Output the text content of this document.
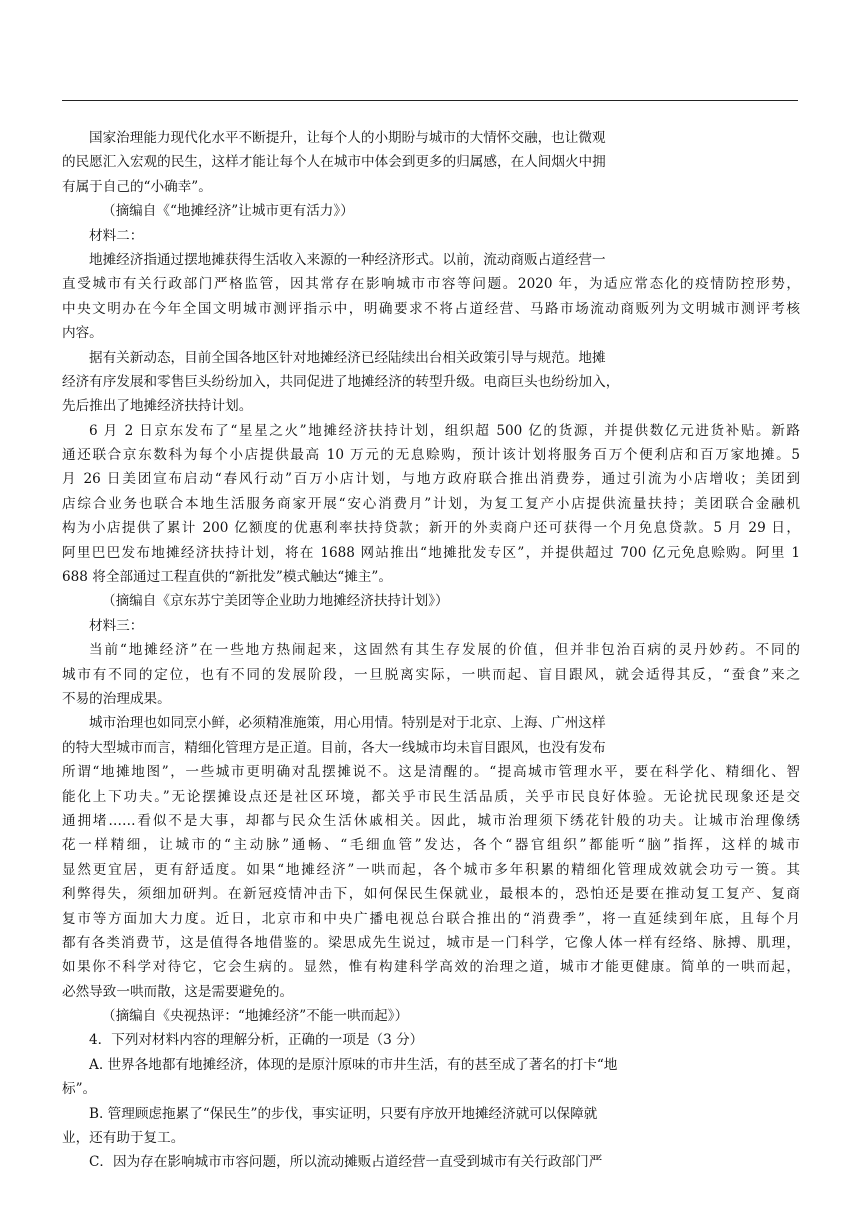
国家治理能力现代化水平不断提升，让每个人的小期盼与城市的大情怀交融，也让微观
的民愿汇入宏观的民生，这样才能让每个人在城市中体会到更多的归属感，在人间烟火中拥
有属于自己的“小确幸”。
（摘编自《“地摊经济”让城市更有活力》）
材料二：
地摊经济指通过摆地摊获得生活收入来源的一种经济形式。以前，流动商贩占道经营一
直受城市有关行政部门严格监管，因其常存在影响城市市容等问题。2020 年，为适应常态化的疫情防控形势，
中央文明办在今年全国文明城市测评指示中，明确要求不将占道经营、马路市场流动商贩列为文明城市测评考核
内容。
据有关新动态，目前全国各地区针对地摊经济已经陆续出台相关政策引导与规范。地摊
经济有序发展和零售巨头纷纷加入，共同促进了地摊经济的转型升级。电商巨头也纷纷加入，
先后推出了地摊经济扶持计划。
6 月 2 日京东发布了“星星之火”地摊经济扶持计划，组织超 500 亿的货源，并提供数亿元进货补贴。新路
通还联合京东数科为每个小店提供最高 10 万元的无息赊购，预计该计划将服务百万个便利店和百万家地摊。5
月 26 日美团宣布启动“春风行动”百万小店计划，与地方政府联合推出消费券，通过引流为小店增收；美团到
店综合业务也联合本地生活服务商家开展“安心消费月”计划，为复工复产小店提供流量扶持；美团联合金融机
构为小店提供了累计 200 亿额度的优惠利率扶持贷款；新开的外卖商户还可获得一个月免息贷款。5 月 29 日，
阿里巴巴发布地摊经济扶持计划，将在 1688 网站推出“地摊批发专区”，并提供超过 700 亿元免息赊购。阿里 1
688 将全部通过工程直供的“新批发”模式触达“摊主”。
（摘编自《京东苏宁美团等企业助力地摊经济扶持计划》）
材料三：
当前“地摊经济”在一些地方热闹起来，这固然有其生存发展的价值，但并非包治百病的灵丹妙药。不同的
城市有不同的定位，也有不同的发展阶段，一旦脱离实际，一哄而起、盲目跟风，就会适得其反，“蚕食”来之
不易的治理成果。
城市治理也如同烹小鲜，必须精准施策，用心用情。特别是对于北京、上海、广州这样
的特大型城市而言，精细化管理方是正道。目前，各大一线城市均未盲目跟风，也没有发布
所谓“地摊地图”，一些城市更明确对乱摆摊说不。这是清醒的。“提高城市管理水平，要在科学化、精细化、智
能化上下功夫。”无论摆摊设点还是社区环境，都关乎市民生活品质，关乎市民良好体验。无论扰民现象还是交
通拥堵……看似不是大事，却都与民众生活休戚相关。因此，城市治理须下绣花针般的功夫。让城市治理像绣
花一样精细，让城市的“主动脉”通畅、“毛细血管”发达，各个“器官组织”都能听“脑”指挥，这样的城市
显然更宜居，更有舒适度。如果“地摊经济”一哄而起，各个城市多年积累的精细化管理成效就会功亏一篑。其
利弊得失，须细加研判。在新冠疫情冲击下，如何保民生保就业，最根本的，恐怕还是要在推动复工复产、复商
复市等方面加大力度。近日，北京市和中央广播电视总台联合推出的“消费季”，将一直延续到年底，且每个月
都有各类消费节，这是值得各地借鉴的。梁思成先生说过，城市是一门科学，它像人体一样有经络、脉搏、肌理，
如果你不科学对待它，它会生病的。显然，惟有构建科学高效的治理之道，城市才能更健康。简单的一哄而起，
必然导致一哄而散，这是需要避免的。
（摘编自《央视热评：“地摊经济”不能一哄而起》）
4．下列对材料内容的理解分析，正确的一项是（3 分）
A. 世界各地都有地摊经济，体现的是原汁原味的市井生活，有的甚至成了著名的打卡“地
标”。
B. 管理顾虑拖累了“保民生”的步伐，事实证明，只要有序放开地摊经济就可以保障就
业，还有助于复工。
C．因为存在影响城市市容问题，所以流动摊贩占道经营一直受到城市有关行政部门严
